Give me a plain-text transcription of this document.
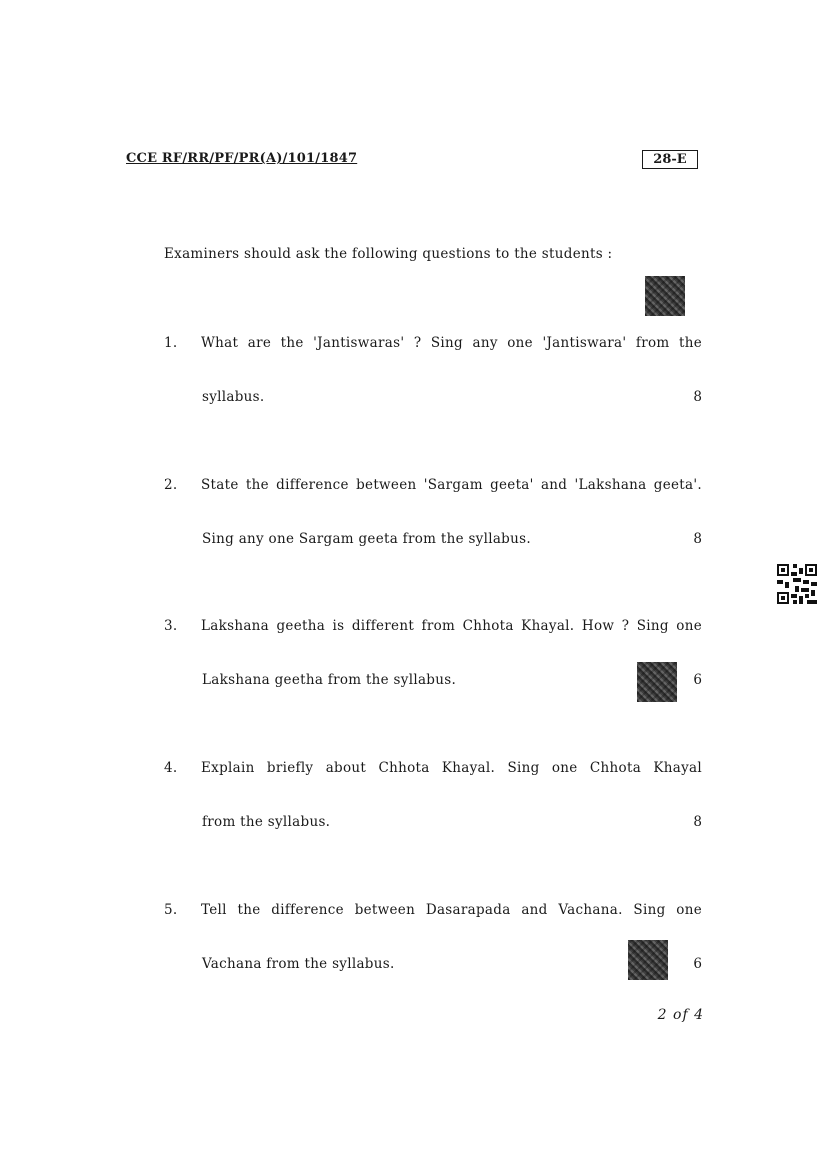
CCE RF/RR/PF/PR(A)/101/1847	28-E
Examiners should ask the following questions to the students :
1. What are the 'Jantiswaras' ? Sing any one 'Jantiswara' from the
syllabus.	8
2. State the difference between 'Sargam geeta' and 'Lakshana geeta'.
Sing any one Sargam geeta from the syllabus.	8
3. Lakshana geetha is different from Chhota Khayal. How ? Sing one
Lakshana geetha from the syllabus.	6
4. Explain briefly about Chhota Khayal. Sing one Chhota Khayal
from the syllabus.	8
5. Tell the difference between Dasarapada and Vachana. Sing one
Vachana from the syllabus.	6
2 of 4
